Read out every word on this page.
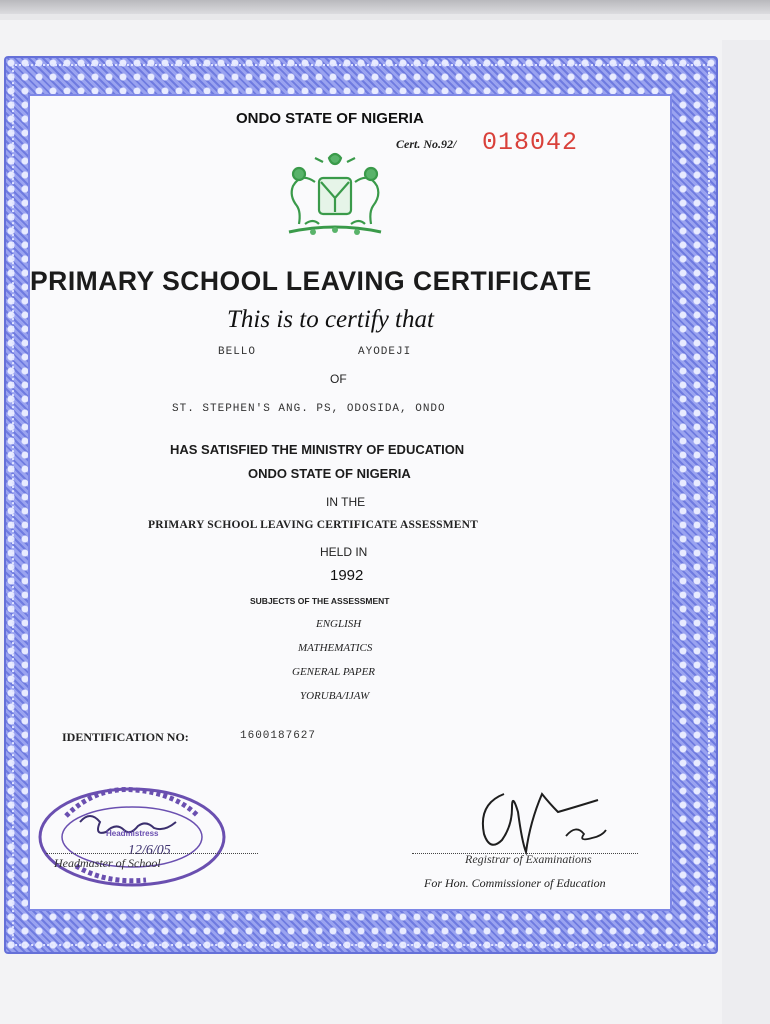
ONDO STATE OF NIGERIA
Cert. No.92/ 018042
PRIMARY SCHOOL LEAVING CERTIFICATE
This is to certify that
BELLO	AYODEJI
OF
ST. STEPHEN'S ANG. PS, ODOSIDA, ONDO
HAS SATISFIED THE MINISTRY OF EDUCATION
ONDO STATE OF NIGERIA
IN THE
PRIMARY SCHOOL LEAVING CERTIFICATE ASSESSMENT
HELD IN
1992
SUBJECTS OF THE ASSESSMENT
ENGLISH
MATHEMATICS
GENERAL PAPER
YORUBA/IJAW
IDENTIFICATION NO:	1600187627
Headmistress
12/6/05
Headmaster of School	Registrar of Examinations
For Hon. Commissioner of Education
